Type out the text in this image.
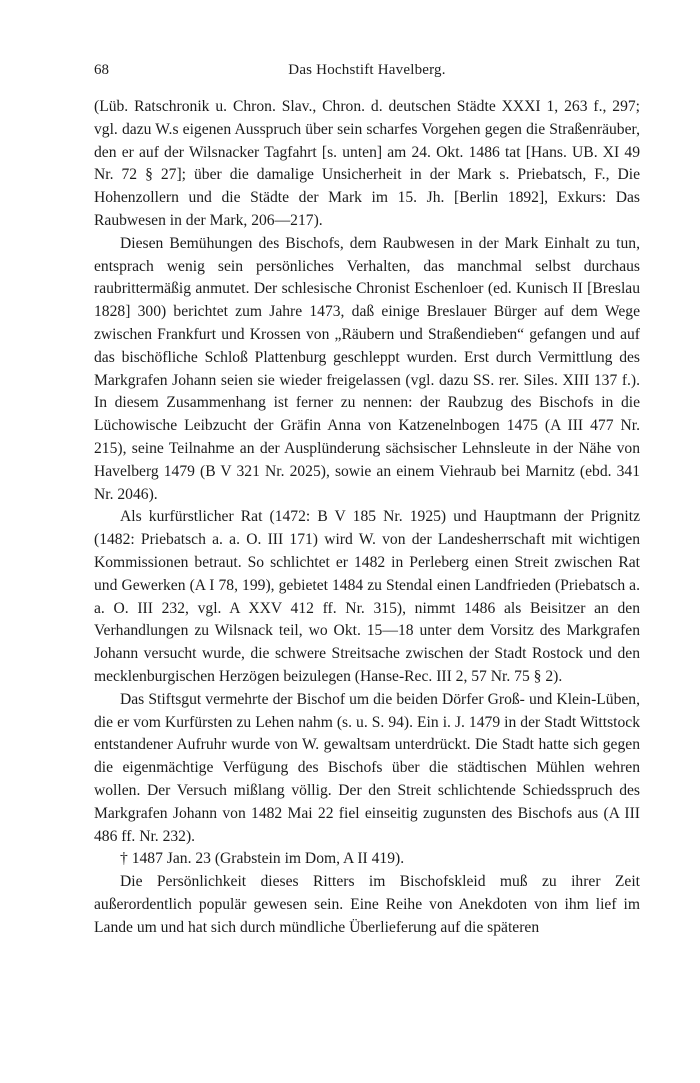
68	Das Hochstift Havelberg.

(Lüb. Ratschronik u. Chron. Slav., Chron. d. deutschen Städte XXXI 1, 263 f., 297; vgl. dazu W.s eigenen Ausspruch über sein scharfes Vorgehen gegen die Straßenräuber, den er auf der Wilsnacker Tagfahrt [s. unten] am 24. Okt. 1486 tat [Hans. UB. XI 49 Nr. 72 § 27]; über die damalige Unsicherheit in der Mark s. Priebatsch, F., Die Hohenzollern und die Städte der Mark im 15. Jh. [Berlin 1892], Exkurs: Das Raubwesen in der Mark, 206—217).

Diesen Bemühungen des Bischofs, dem Raubwesen in der Mark Einhalt zu tun, entsprach wenig sein persönliches Verhalten, das manchmal selbst durchaus raubrittermäßig anmutet. Der schlesische Chronist Eschenloer (ed. Kunisch II [Breslau 1828] 300) berichtet zum Jahre 1473, daß einige Breslauer Bürger auf dem Wege zwischen Frankfurt und Krossen von „Räubern und Straßendieben“ gefangen und auf das bischöfliche Schloß Plattenburg geschleppt wurden. Erst durch Vermittlung des Markgrafen Johann seien sie wieder freigelassen (vgl. dazu SS. rer. Siles. XIII 137 f.). In diesem Zusammenhang ist ferner zu nennen: der Raubzug des Bischofs in die Lüchowische Leibzucht der Gräfin Anna von Katzenelnbogen 1475 (A III 477 Nr. 215), seine Teilnahme an der Ausplünderung sächsischer Lehnsleute in der Nähe von Havelberg 1479 (B V 321 Nr. 2025), sowie an einem Viehraub bei Marnitz (ebd. 341 Nr. 2046).

Als kurfürstlicher Rat (1472: B V 185 Nr. 1925) und Hauptmann der Prignitz (1482: Priebatsch a. a. O. III 171) wird W. von der Landesherrschaft mit wichtigen Kommissionen betraut. So schlichtet er 1482 in Perleberg einen Streit zwischen Rat und Gewerken (A I 78, 199), gebietet 1484 zu Stendal einen Landfrieden (Priebatsch a. a. O. III 232, vgl. A XXV 412 ff. Nr. 315), nimmt 1486 als Beisitzer an den Verhandlungen zu Wilsnack teil, wo Okt. 15—18 unter dem Vorsitz des Markgrafen Johann versucht wurde, die schwere Streitsache zwischen der Stadt Rostock und den mecklenburgischen Herzögen beizulegen (Hanse-Rec. III 2, 57 Nr. 75 § 2).

Das Stiftsgut vermehrte der Bischof um die beiden Dörfer Groß- und Klein-Lüben, die er vom Kurfürsten zu Lehen nahm (s. u. S. 94). Ein i. J. 1479 in der Stadt Wittstock entstandener Aufruhr wurde von W. gewaltsam unterdrückt. Die Stadt hatte sich gegen die eigenmächtige Verfügung des Bischofs über die städtischen Mühlen wehren wollen. Der Versuch mißlang völlig. Der den Streit schlichtende Schiedsspruch des Markgrafen Johann von 1482 Mai 22 fiel einseitig zugunsten des Bischofs aus (A III 486 ff. Nr. 232).

† 1487 Jan. 23 (Grabstein im Dom, A II 419).

Die Persönlichkeit dieses Ritters im Bischofskleid muß zu ihrer Zeit außerordentlich populär gewesen sein. Eine Reihe von Anekdoten von ihm lief im Lande um und hat sich durch mündliche Überlieferung auf die späteren
